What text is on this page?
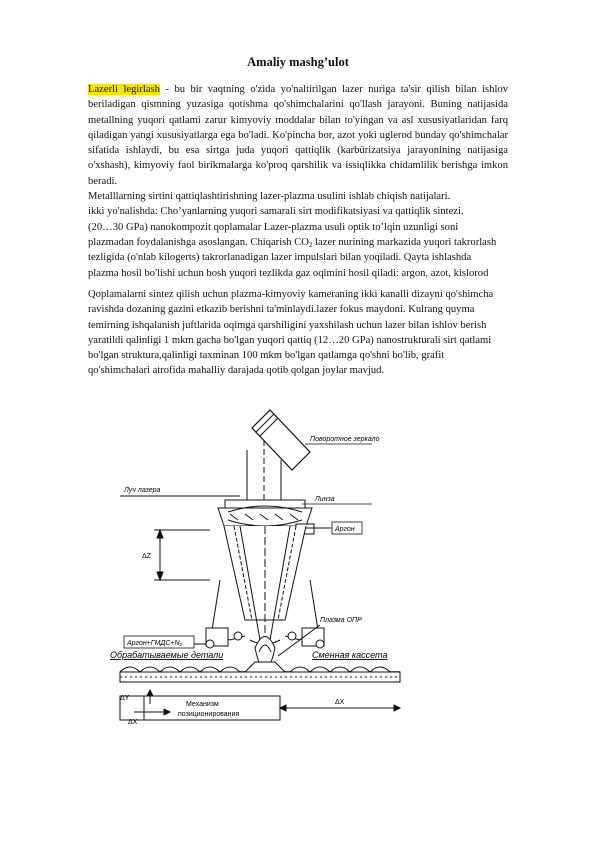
Amaliy mashg’ulot
Lazerli legirlash - bu bir vaqtning o'zida yo'naltirilgan lazer nuriga ta'sir qilish bilan ishlov beriladigan qismning yuzasiga qotishma qo'shimchalarini qo'llash jarayoni. Buning natijasida metallning yuqori qatlami zarur kimyoviy moddalar bilan to'yingan va asl xususiyatlaridan farq qiladigan yangi xususiyatlarga ega bo'ladi. Ko'pincha bor, azot yoki uglerod bunday qo'shimchalar sifatida ishlaydi, bu esa sirtga juda yuqori qattiqlik (karbürizatsiya jarayonining natijasiga o'xshash), kimyoviy faol birikmalarga ko'proq qarshilik va issiqlikka chidamlilik berishga imkon beradi.
Metalllarning sirtini qattiqlashtirishning lazer-plazma usulini ishlab chiqish natijalari.
ikki yo'nalishda: Cho’yanlarning yuqori samarali sirt modifikatsiyasi va qattiqlik sintezi.
(20…30 GPa) nanokompozit qoplamalar Lazer-plazma usuli optik to’lqin uzunligi soni
plazmadan foydalanishga asoslangan. Chiqarish $CO_2$ lazer nurining markazida yuqori takrorlash
tezligida (o'nlab kilogerts) takrorlanadigan lazer impulslari bilan yoqiladi. Qayta ishlashda
plazma hosil bo'lishi uchun bosh yuqori tezlikda gaz oqimini hosil qiladi: argon, azot, kislorod
Qoplamalarni sintez qilish uchun plazma-kimyoviy kameraning ikki kanalli dizayni qo'shimcha
ravishda dozaning gazini etkazib berishni ta'minlaydi.lazer fokus maydoni. Kulrang quyma
temirning ishqalanish juftlarida oqimga qarshiligini yaxshilash uchun lazer bilan ishlov berish
yaratildi qalinligi 1 mkm gacha bo'lgan yuqori qattiq (12…20 GPa) nanostrukturali sirt qatlami
bo'lgan struktura,qalinligi taxminan 100 mkm bo'lgan qatlamga qo'shni bo'lib, grafit
qo'shimchalari atrofida mahalliy darajada qotib qolgan joylar mavjud.
Поворотное зеркало
Луч лазера
Линза
Аргон
ΔZ
Аргон+ГМДС+N₂
Плазма ОПР
Обрабатываемые детали	Сменная кассета
ΔY
ΔX
ΔX
Механизм
позиционирования
